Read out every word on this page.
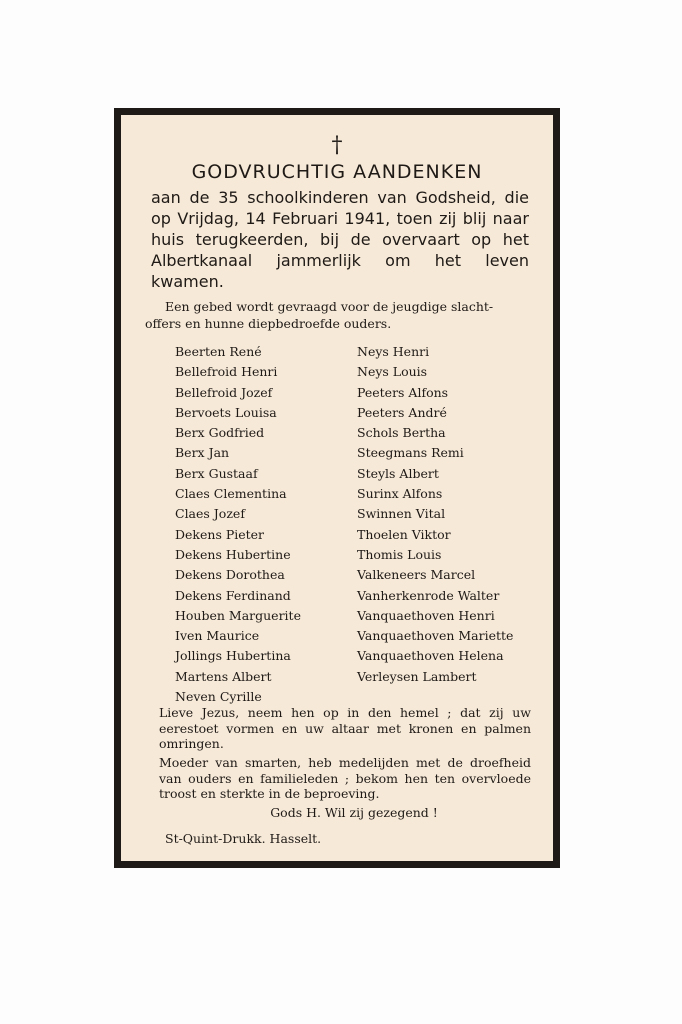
†
GODVRUCHTIG AANDENKEN
aan de 35 schoolkinderen van Godsheid, die op Vrijdag, 14 Februari 1941, toen zij blij naar huis terugkeerden, bij de overvaart op het Albertkanaal jammerlijk om het leven kwamen.
Een gebed wordt gevraagd voor de jeugdige slacht-
offers en hunne diepbedroefde ouders.
Beerten René
Bellefroid Henri
Bellefroid Jozef
Bervoets Louisa
Berx Godfried
Berx Jan
Berx Gustaaf
Claes Clementina
Claes Jozef
Dekens Pieter
Dekens Hubertine
Dekens Dorothea
Dekens Ferdinand
Houben Marguerite
Iven Maurice
Jollings Hubertina
Martens Albert
Neven Cyrille
Neys Henri
Neys Louis
Peeters Alfons
Peeters André
Schols Bertha
Steegmans Remi
Steyls Albert
Surinx Alfons
Swinnen Vital
Thoelen Viktor
Thomis Louis
Valkeneers Marcel
Vanherkenrode Walter
Vanquaethoven Henri
Vanquaethoven Mariette
Vanquaethoven Helena
Verleysen Lambert
Lieve Jezus, neem hen op in den hemel ; dat zij uw eerestoet vormen en uw altaar met kronen en palmen omringen.
Moeder van smarten, heb medelijden met de droefheid van ouders en familieleden ; bekom hen ten overvloede troost en sterkte in de beproeving.
Gods H. Wil zij gezegend !
St-Quint-Drukk. Hasselt.
